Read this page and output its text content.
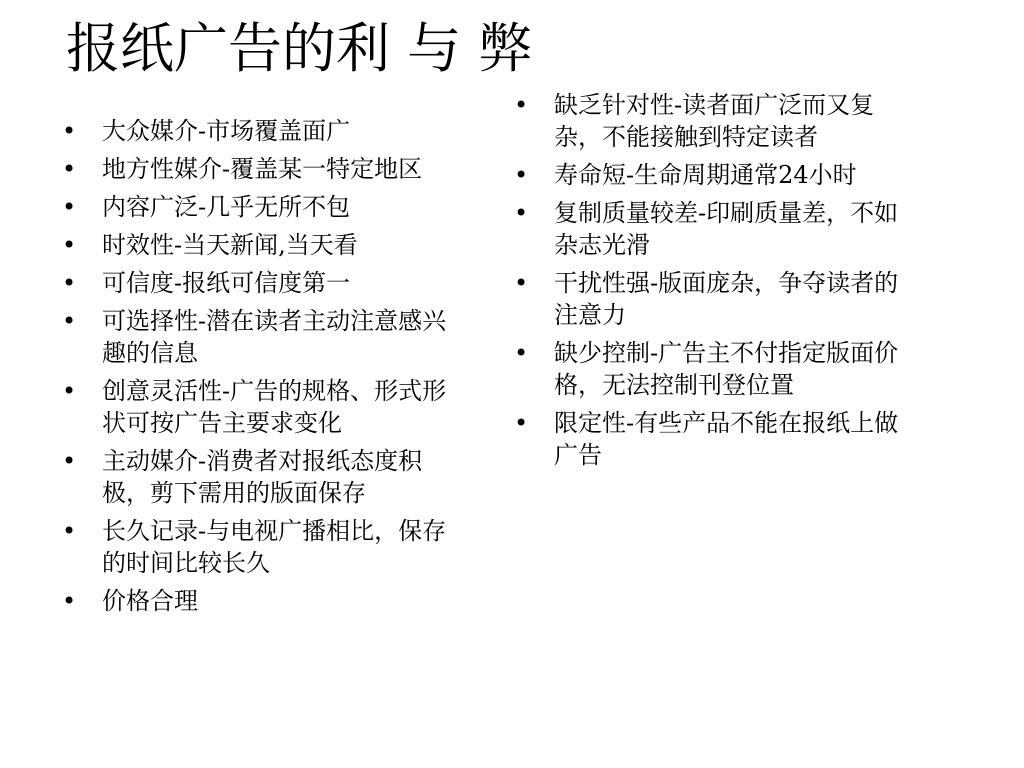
报纸广告的利 与 弊
• 大众媒介-市场覆盖面广
• 地方性媒介-覆盖某一特定地区
• 内容广泛-几乎无所不包
• 时效性-当天新闻,当天看
• 可信度-报纸可信度第一
• 可选择性-潜在读者主动注意感兴趣的信息
• 创意灵活性-广告的规格、形式形状可按广告主要求变化
• 主动媒介-消费者对报纸态度积极，剪下需用的版面保存
• 长久记录-与电视广播相比，保存的时间比较长久
• 价格合理
• 缺乏针对性-读者面广泛而又复杂，不能接触到特定读者
• 寿命短-生命周期通常24小时
• 复制质量较差-印刷质量差，不如杂志光滑
• 干扰性强-版面庞杂，争夺读者的注意力
• 缺少控制-广告主不付指定版面价格，无法控制刊登位置
• 限定性-有些产品不能在报纸上做广告
